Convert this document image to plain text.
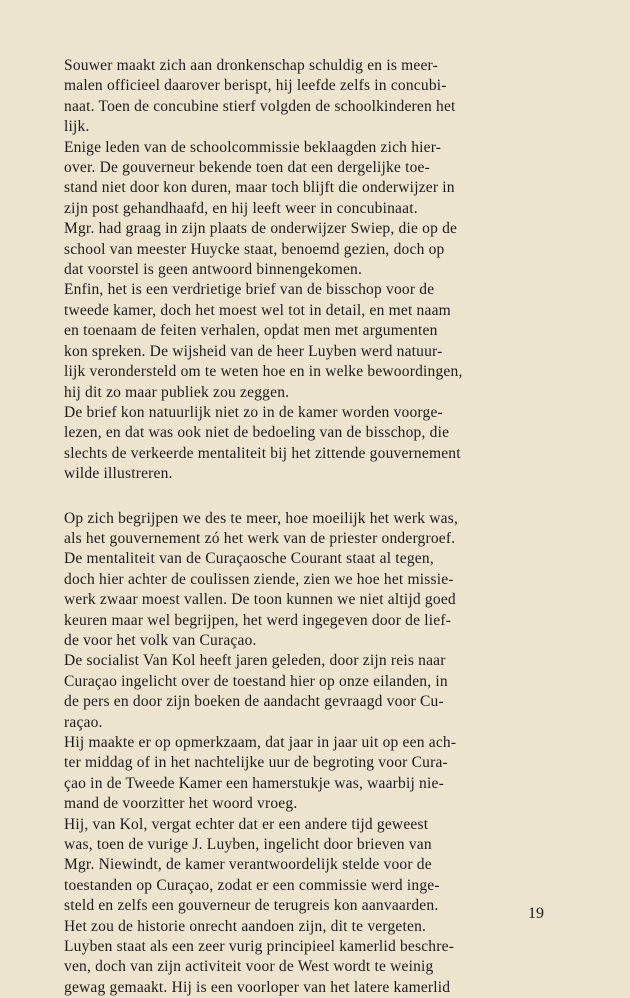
Souwer maakt zich aan dronkenschap schuldig en is meer-
malen officieel daarover berispt, hij leefde zelfs in concubi-
naat. Toen de concubine stierf volgden de schoolkinderen het
lijk.

Enige leden van de schoolcommissie beklaagden zich hier-
over. De gouverneur bekende toen dat een dergelijke toe-
stand niet door kon duren, maar toch blijft die onderwijzer in
zijn post gehandhaafd, en hij leeft weer in concubinaat.

Mgr. had graag in zijn plaats de onderwijzer Swiep, die op de
school van meester Huycke staat, benoemd gezien, doch op
dat voorstel is geen antwoord binnengekomen.

Enfin, het is een verdrietige brief van de bisschop voor de
tweede kamer, doch het moest wel tot in detail, en met naam
en toenaam de feiten verhalen, opdat men met argumenten
kon spreken. De wijsheid van de heer Luyben werd natuur-
lijk verondersteld om te weten hoe en in welke bewoordingen,
hij dit zo maar publiek zou zeggen.

De brief kon natuurlijk niet zo in de kamer worden voorge-
lezen, en dat was ook niet de bedoeling van de bisschop, die
slechts de verkeerde mentaliteit bij het zittende gouvernement
wilde illustreren.

Op zich begrijpen we des te meer, hoe moeilijk het werk was,
als het gouvernement zó het werk van de priester ondergroef.
De mentaliteit van de Curaçaosche Courant staat al tegen,
doch hier achter de coulissen ziende, zien we hoe het missie-
werk zwaar moest vallen. De toon kunnen we niet altijd goed
keuren maar wel begrijpen, het werd ingegeven door de lief-
de voor het volk van Curaçao.

De socialist Van Kol heeft jaren geleden, door zijn reis naar
Curaçao ingelicht over de toestand hier op onze eilanden, in
de pers en door zijn boeken de aandacht gevraagd voor Cu-
raçao.

Hij maakte er op opmerkzaam, dat jaar in jaar uit op een ach-
ter middag of in het nachtelijke uur de begroting voor Cura-
çao in de Tweede Kamer een hamerstukje was, waarbij nie-
mand de voorzitter het woord vroeg.

Hij, van Kol, vergat echter dat er een andere tijd geweest
was, toen de vurige J. Luyben, ingelicht door brieven van
Mgr. Niewindt, de kamer verantwoordelijk stelde voor de
toestanden op Curaçao, zodat er een commissie werd inge-
steld en zelfs een gouverneur de terugreis kon aanvaarden.
Het zou de historie onrecht aandoen zijn, dit te vergeten.
Luyben staat als een zeer vurig principieel kamerlid beschre-
ven, doch van zijn activiteit voor de West wordt te weinig
gewag gemaakt. Hij is een voorloper van het latere kamerlid

19
